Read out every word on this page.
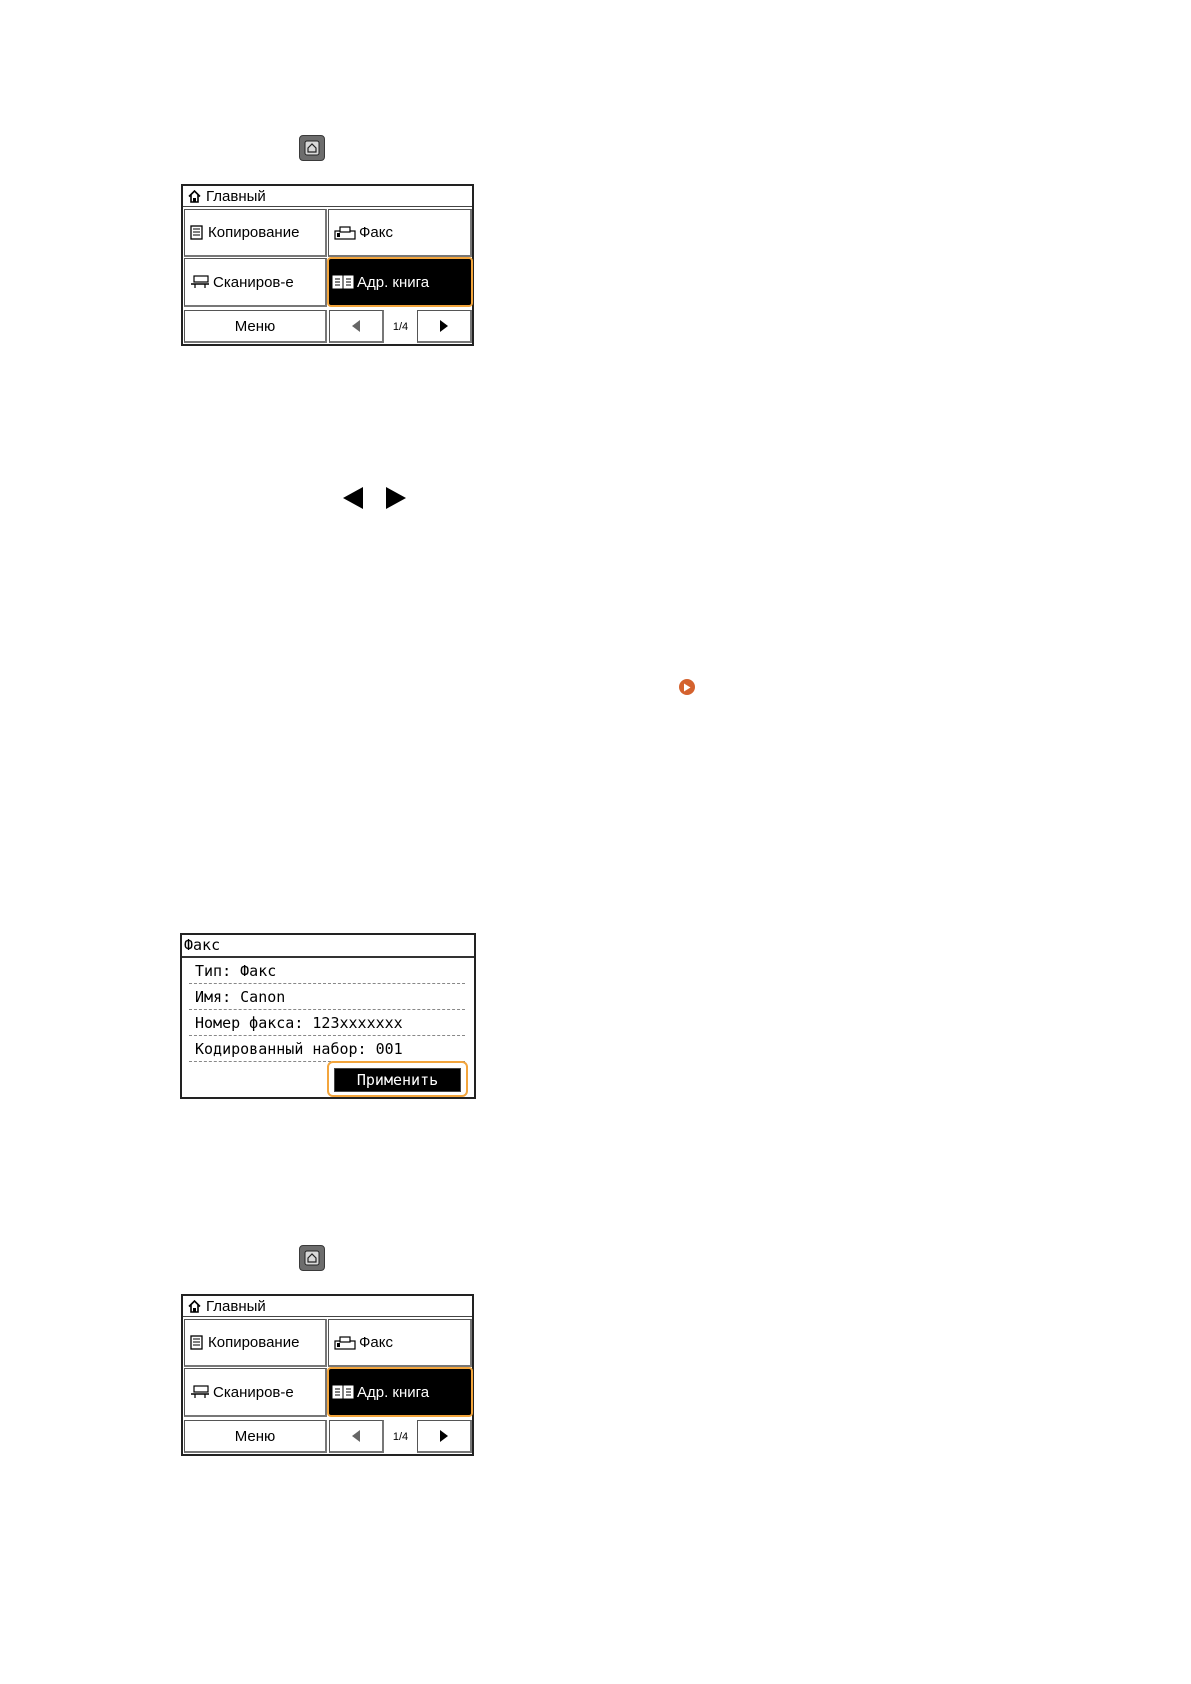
Главный
Копирование	Факс
Сканиров-е	Адр. книга
Меню	1/4
Факс
Тип: Факс
Имя: Canon
Номер факса: 123xxxxxxx
Кодированный набор: 001
Применить
Главный
Копирование	Факс
Сканиров-е	Адр. книга
Меню	1/4
